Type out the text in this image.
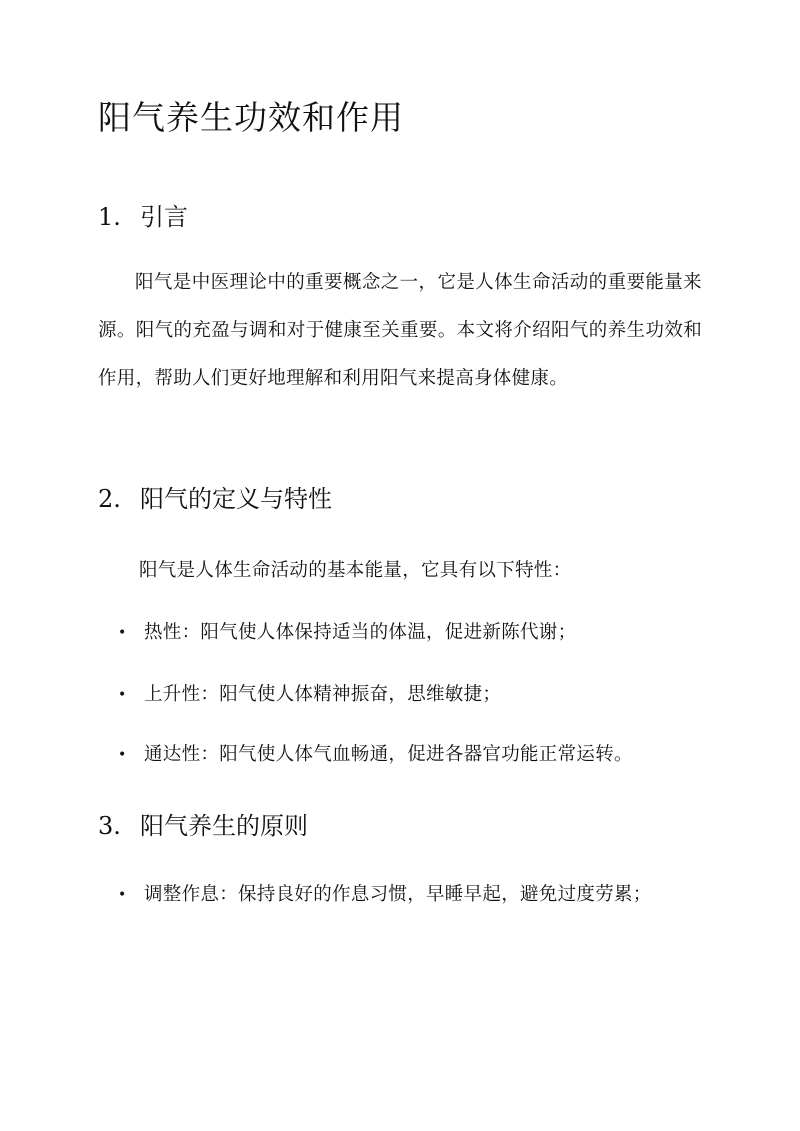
阳气养生功效和作用
1. 引言

阳气是中医理论中的重要概念之一，它是人体生命活动的重要能量来源。阳气的充盈与调和对于健康至关重要。本文将介绍阳气的养生功效和作用，帮助人们更好地理解和利用阳气来提高身体健康。

2. 阳气的定义与特性

阳气是人体生命活动的基本能量，它具有以下特性：

• 热性：阳气使人体保持适当的体温，促进新陈代谢；
• 上升性：阳气使人体精神振奋，思维敏捷；
• 通达性：阳气使人体气血畅通，促进各器官功能正常运转。
3. 阳气养生的原则
• 调整作息：保持良好的作息习惯，早睡早起，避免过度劳累；
